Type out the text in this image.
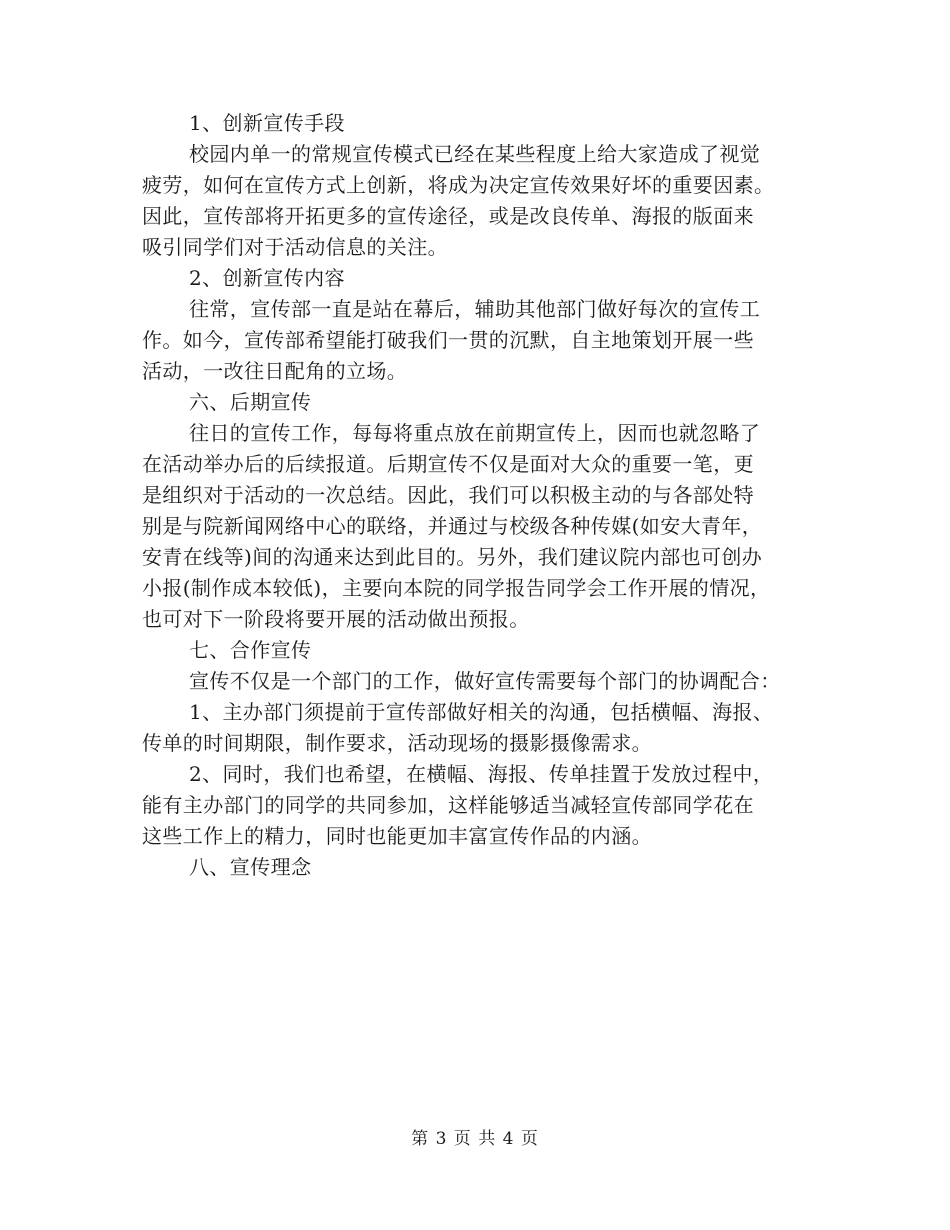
1、创新宣传手段
校园内单一的常规宣传模式已经在某些程度上给大家造成了视觉
疲劳，如何在宣传方式上创新，将成为决定宣传效果好坏的重要因素。
因此，宣传部将开拓更多的宣传途径，或是改良传单、海报的版面来
吸引同学们对于活动信息的关注。
2、创新宣传内容
往常，宣传部一直是站在幕后，辅助其他部门做好每次的宣传工
作。如今，宣传部希望能打破我们一贯的沉默，自主地策划开展一些
活动，一改往日配角的立场。
六、后期宣传
往日的宣传工作，每每将重点放在前期宣传上，因而也就忽略了
在活动举办后的后续报道。后期宣传不仅是面对大众的重要一笔，更
是组织对于活动的一次总结。因此，我们可以积极主动的与各部处特
别是与院新闻网络中心的联络，并通过与校级各种传媒(如安大青年，
安青在线等)间的沟通来达到此目的。另外，我们建议院内部也可创办
小报(制作成本较低)，主要向本院的同学报告同学会工作开展的情况，
也可对下一阶段将要开展的活动做出预报。
七、合作宣传
宣传不仅是一个部门的工作，做好宣传需要每个部门的协调配合：
1、主办部门须提前于宣传部做好相关的沟通，包括横幅、海报、
传单的时间期限，制作要求，活动现场的摄影摄像需求。
2、同时，我们也希望，在横幅、海报、传单挂置于发放过程中，
能有主办部门的同学的共同参加，这样能够适当减轻宣传部同学花在
这些工作上的精力，同时也能更加丰富宣传作品的内涵。
八、宣传理念
第 3 页 共 4 页
